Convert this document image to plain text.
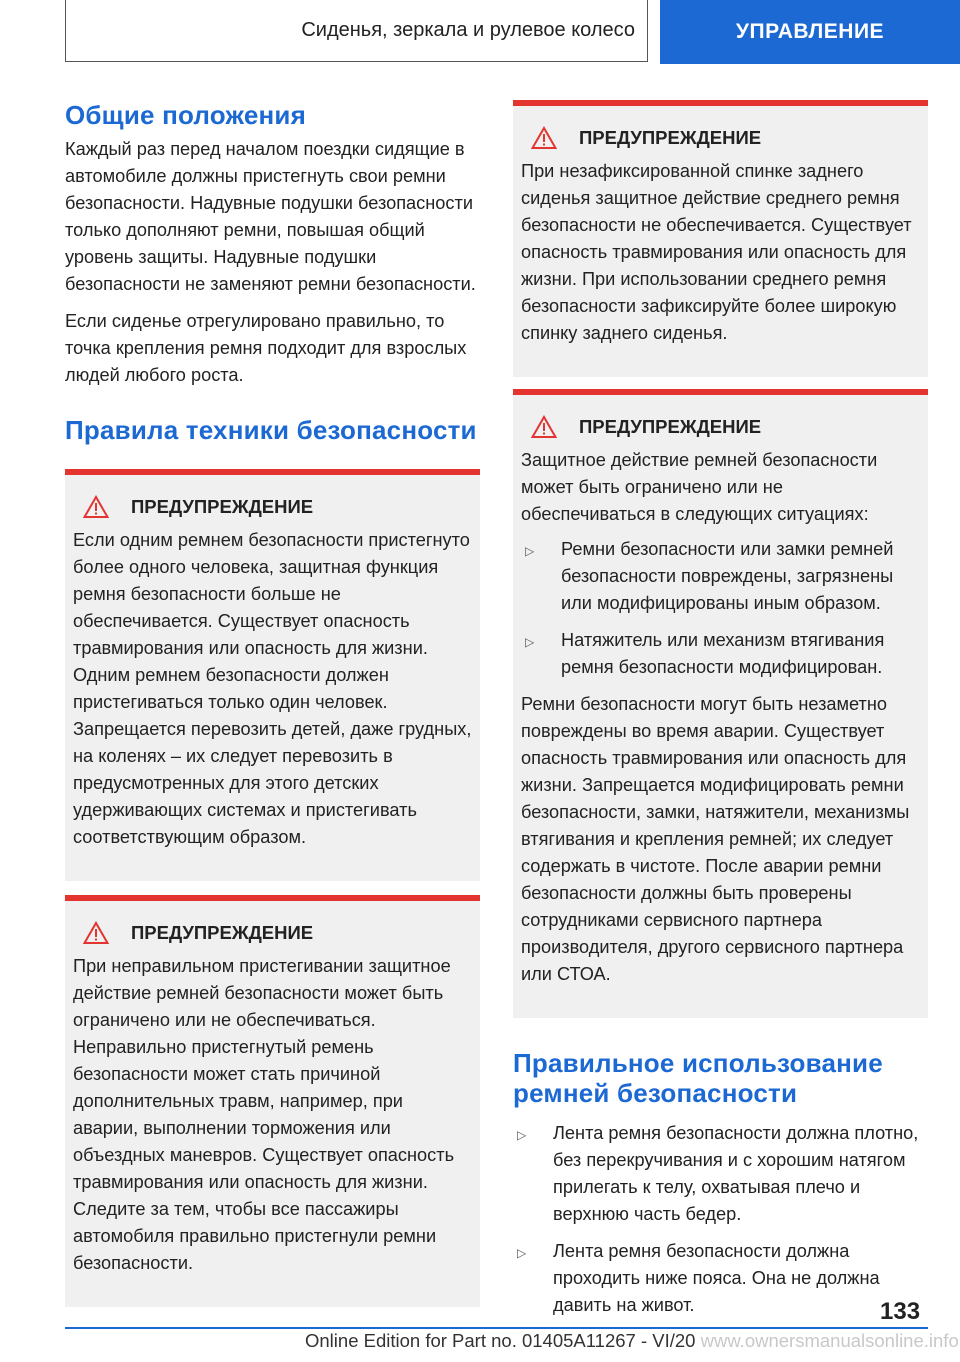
Сиденья, зеркала и рулевое колесо	УПРАВЛЕНИЕ
Общие положения

Каждый раз перед началом поездки сидящие в автомобиле должны пристегнуть свои ремни безопасности. Надувные подушки безопасности только дополняют ремни, повышая общий уровень защиты. Надувные подушки безопасности не заменяют ремни безопасности.

Если сиденье отрегулировано правильно, то точка крепления ремня подходит для взрослых людей любого роста.

Правила техники безопасности
ПРЕДУПРЕЖДЕНИЕ

Если одним ремнем безопасности пристегнуто более одного человека, защитная функция ремня безопасности больше не обеспечивается. Существует опасность травмирования или опасность для жизни. Одним ремнем безопасности должен пристегиваться только один человек. Запрещается перевозить детей, даже грудных, на коленях – их следует перевозить в предусмотренных для этого детских удерживающих системах и пристегивать соответствующим образом.

ПРЕДУПРЕЖДЕНИЕ

При неправильном пристегивании защитное действие ремней безопасности может быть ограничено или не обеспечиваться. Неправильно пристегнутый ремень безопасности может стать причиной дополнительных травм, например, при аварии, выполнении торможения или объездных маневров. Существует опасность травмирования или опасность для жизни. Следите за тем, чтобы все пассажиры автомобиля правильно пристегнули ремни безопасности.

ПРЕДУПРЕЖДЕНИЕ

При незафиксированной спинке заднего сиденья защитное действие среднего ремня безопасности не обеспечивается. Существует опасность травмирования или опасность для жизни. При использовании среднего ремня безопасности зафиксируйте более широкую спинку заднего сиденья.

ПРЕДУПРЕЖДЕНИЕ

Защитное действие ремней безопасности может быть ограничено или не обеспечиваться в следующих ситуациях:

▷	Ремни безопасности или замки ремней безопасности повреждены, загрязнены или модифицированы иным образом.
▷	Натяжитель или механизм втягивания ремня безопасности модифицирован.

Ремни безопасности могут быть незаметно повреждены во время аварии. Существует опасность травмирования или опасность для жизни. Запрещается модифицировать ремни безопасности, замки, натяжители, механизмы втягивания и крепления ремней; их следует содержать в чистоте. После аварии ремни безопасности должны быть проверены сотрудниками сервисного партнера производителя, другого сервисного партнера или СТОА.

Правильное использование ремней безопасности
▷	Лента ремня безопасности должна плотно, без перекручивания и с хорошим натягом прилегать к телу, охватывая плечо и верхнюю часть бедер.
▷	Лента ремня безопасности должна проходить ниже пояса. Она не должна давить на живот.	133
Online Edition for Part no. 01405A11267 - VI/20 www.ownersmanualsonline.info
